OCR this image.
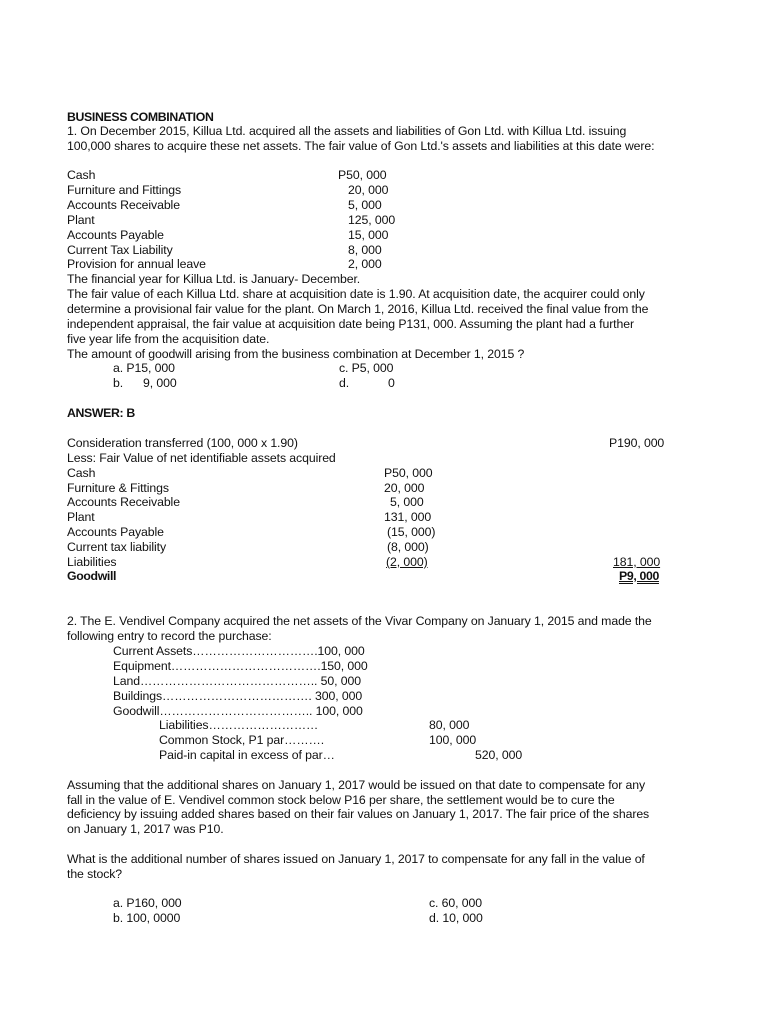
BUSINESS COMBINATION
1. On December 2015, Killua Ltd. acquired all the assets and liabilities of Gon Ltd. with Killua Ltd. issuing
100,000 shares to acquire these net assets. The fair value of Gon Ltd.'s assets and liabilities at this date were:
Cash	P50, 000
Furniture and Fittings	20, 000
Accounts Receivable	5, 000
Plant	125, 000
Accounts Payable	15, 000
Current Tax Liability	8, 000
Provision for annual leave	2, 000
The financial year for Killua Ltd. is January- December.
The fair value of each Killua Ltd. share at acquisition date is 1.90. At acquisition date, the acquirer could only
determine a provisional fair value for the plant. On March 1, 2016, Killua Ltd. received the final value from the
independent appraisal, the fair value at acquisition date being P131, 000. Assuming the plant had a further
five year life from the acquisition date.
The amount of goodwill arising from the business combination at December 1, 2015 ?
a. P15, 000	c. P5, 000
b. 9, 000	d.	0
ANSWER: B
Consideration transferred (100, 000 x 1.90)	P190, 000
Less: Fair Value of net identifiable assets acquired
Cash	P50, 000
Furniture & Fittings	20, 000
Accounts Receivable	5, 000
Plant	131, 000
Accounts Payable	(15, 000)
Current tax liability	(8, 000)
Liabilities	(2, 000)	181, 000
Goodwill	P9, 000
2. The E. Vendivel Company acquired the net assets of the Vivar Company on January 1, 2015 and made the
following entry to record the purchase:
Current Assets………………………….100, 000
Equipment……………………………….150, 000
Land…………………………………….. 50, 000
Buildings………………………………. 300, 000
Goodwill……………………………….. 100, 000
Liabilities………………………	80, 000
Common Stock, P1 par……….	100, 000
Paid-in capital in excess of par…	520, 000
Assuming that the additional shares on January 1, 2017 would be issued on that date to compensate for any
fall in the value of E. Vendivel common stock below P16 per share, the settlement would be to cure the
deficiency by issuing added shares based on their fair values on January 1, 2017. The fair price of the shares
on January 1, 2017 was P10.
What is the additional number of shares issued on January 1, 2017 to compensate for any fall in the value of
the stock?
a. P160, 000	c. 60, 000
b. 100, 0000	d. 10, 000
